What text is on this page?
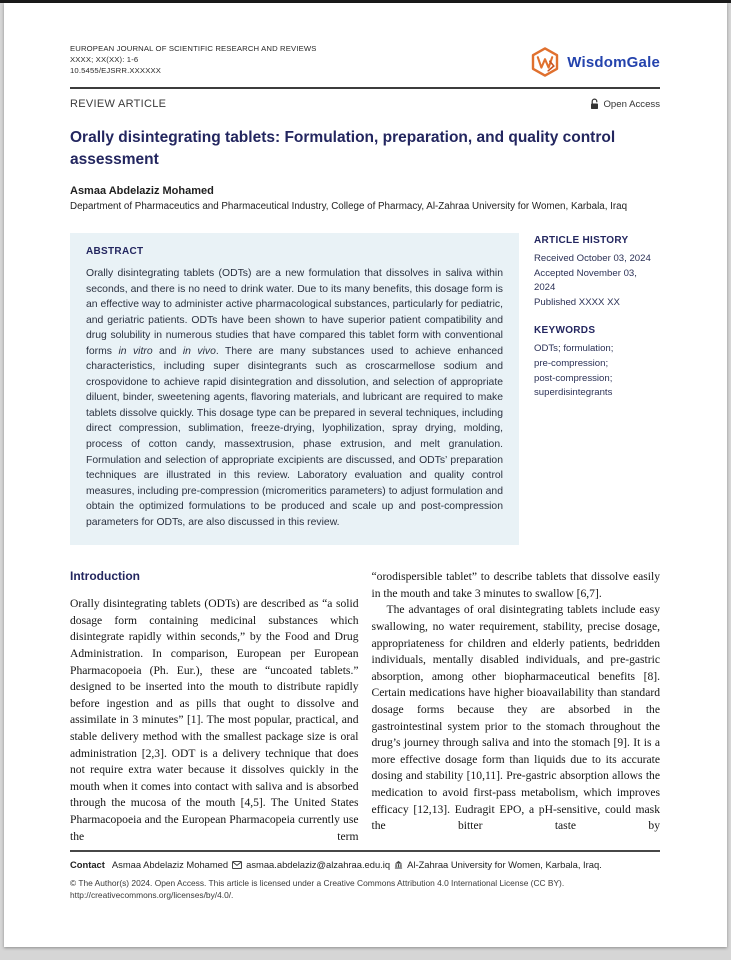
EUROPEAN JOURNAL OF SCIENTIFIC RESEARCH AND REVIEWS
XXXX; XX(XX): 1-6
10.5455/EJSRR.XXXXXX	WisdomGale
REVIEW ARTICLE	Open Access
Orally disintegrating tablets: Formulation, preparation, and quality control assessment
Asmaa Abdelaziz Mohamed
Department of Pharmaceutics and Pharmaceutical Industry, College of Pharmacy, Al-Zahraa University for Women, Karbala, Iraq
ABSTRACT
Orally disintegrating tablets (ODTs) are a new formulation that dissolves in saliva within seconds, and there is no need to drink water. Due to its many benefits, this dosage form is an effective way to administer active pharmacological substances, particularly for pediatric, and geriatric patients. ODTs have been shown to have superior patient compatibility and drug solubility in numerous studies that have compared this tablet form with conventional forms in vitro and in vivo. There are many substances used to achieve enhanced characteristics, including super disintegrants such as croscarmellose sodium and crospovidone to achieve rapid disintegration and dissolution, and selection of appropriate diluent, binder, sweetening agents, flavoring materials, and lubricant are required to make tablets dissolve quickly. This dosage type can be prepared in several techniques, including direct compression, sublimation, freeze-drying, lyophilization, spray drying, molding, process of cotton candy, massextrusion, phase extrusion, and melt granulation. Formulation and selection of appropriate excipients are discussed, and ODTs’ preparation techniques are illustrated in this review. Laboratory evaluation and quality control measures, including pre-compression (micromeritics parameters) to adjust formulation and obtain the optimized formulations to be produced and scale up and post-compression parameters for ODTs, are also discussed in this review.
ARTICLE HISTORY
Received October 03, 2024
Accepted November 03, 2024
Published XXXX XX
KEYWORDS
ODTs; formulation;
pre-compression;
post-compression;
superdisintegrants
Introduction

Orally disintegrating tablets (ODTs) are described as “a solid dosage form containing medicinal substances which disintegrate rapidly within seconds,” by the Food and Drug Administration. In comparison, European per European Pharmacopoeia (Ph. Eur.), these are “uncoated tablets.” designed to be inserted into the mouth to distribute rapidly before ingestion and as pills that ought to dissolve and assimilate in 3 minutes” [1]. The most popular, practical, and stable delivery method with the smallest package size is oral administration [2,3]. ODT is a delivery technique that does not require extra water because it dissolves quickly in the mouth when it comes into contact with saliva and is absorbed through the mucosa of the mouth [4,5]. The United States Pharmacopoeia and the European Pharmacopeia currently use the term

“orodispersible tablet” to describe tablets that dissolve easily in the mouth and take 3 minutes to swallow [6,7].

The advantages of oral disintegrating tablets include easy swallowing, no water requirement, stability, precise dosage, appropriateness for children and elderly patients, bedridden individuals, mentally disabled individuals, and pre-gastric absorption, among other biopharmaceutical benefits [8]. Certain medications have higher bioavailability than standard dosage forms because they are absorbed in the gastrointestinal system prior to the stomach throughout the drug’s journey through saliva and into the stomach [9]. It is a more effective dosage form than liquids due to its accurate dosing and stability [10,11]. Pre-gastric absorption allows the medication to avoid first-pass metabolism, which improves efficacy [12,13]. Eudragit EPO, a pH-sensitive, could mask the bitter taste by

Contact Asmaa Abdelaziz Mohamed asmaa.abdelaziz@alzahraa.edu.iq Al-Zahraa University for Women, Karbala, Iraq.
© The Author(s) 2024. Open Access. This article is licensed under a Creative Commons Attribution 4.0 International License (CC BY).
http://creativecommons.org/licenses/by/4.0/.
